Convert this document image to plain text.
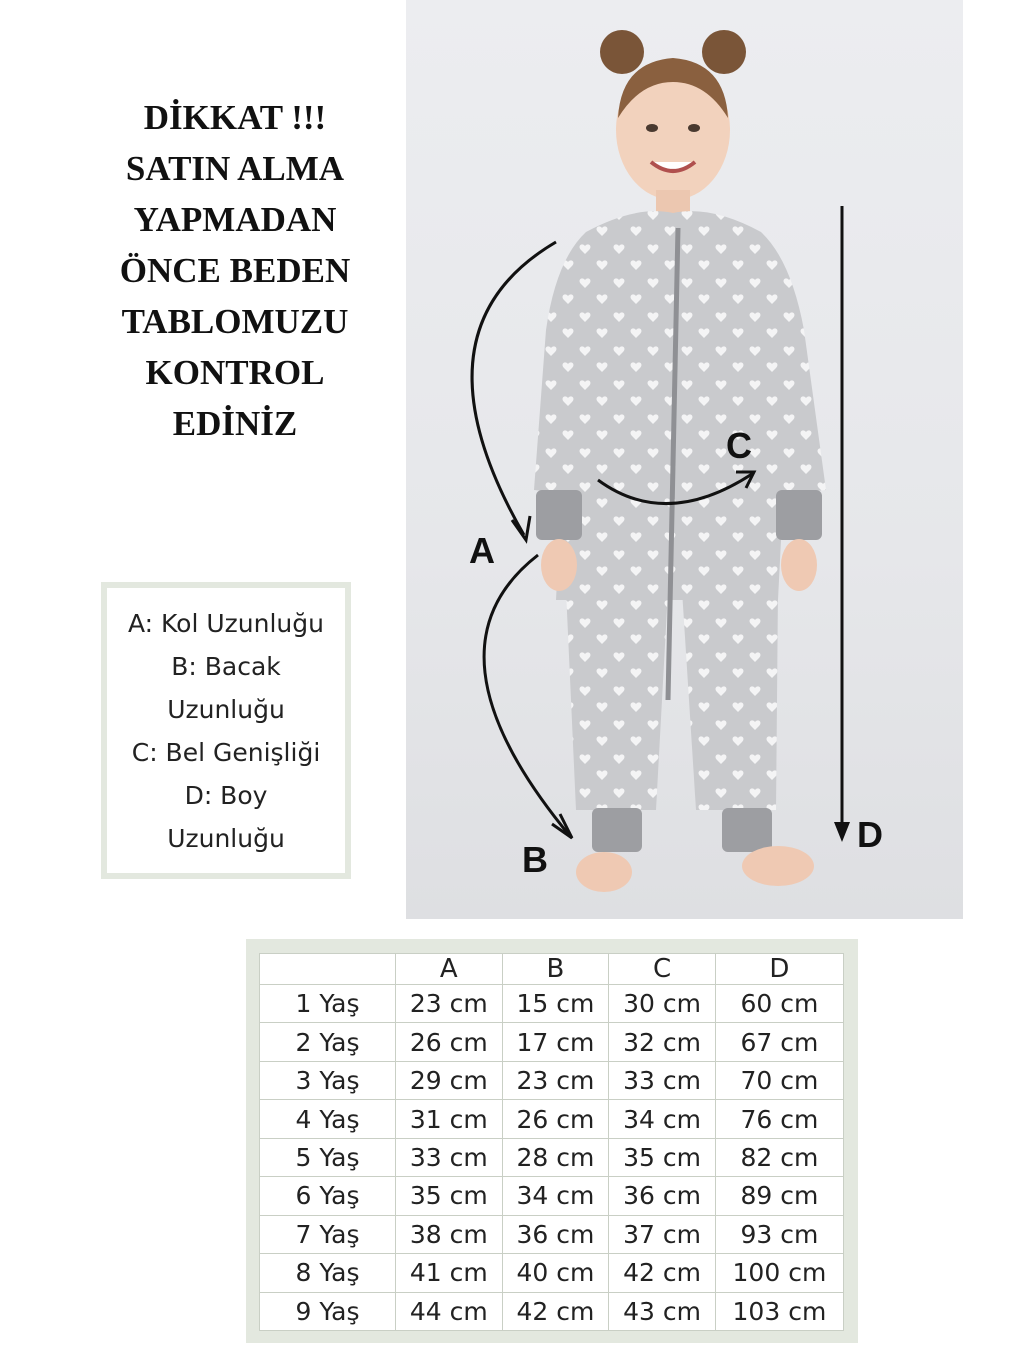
DİKKAT !!!
SATIN ALMA
YAPMADAN
ÖNCE BEDEN
TABLOMUZU
KONTROL
EDİNİZ
A: Kol Uzunluğu
B: Bacak
Uzunluğu
C: Bel Genişliği
D: Boy
Uzunluğu
A
B
C
D
	A	B	C	D
1 Yaş	23 cm	15 cm	30 cm	60 cm
2 Yaş	26 cm	17 cm	32 cm	67 cm
3 Yaş	29 cm	23 cm	33 cm	70 cm
4 Yaş	31 cm	26 cm	34 cm	76 cm
5 Yaş	33 cm	28 cm	35 cm	82 cm
6 Yaş	35 cm	34 cm	36 cm	89 cm
7 Yaş	38 cm	36 cm	37 cm	93 cm
8 Yaş	41 cm	40 cm	42 cm	100 cm
9 Yaş	44 cm	42 cm	43 cm	103 cm
